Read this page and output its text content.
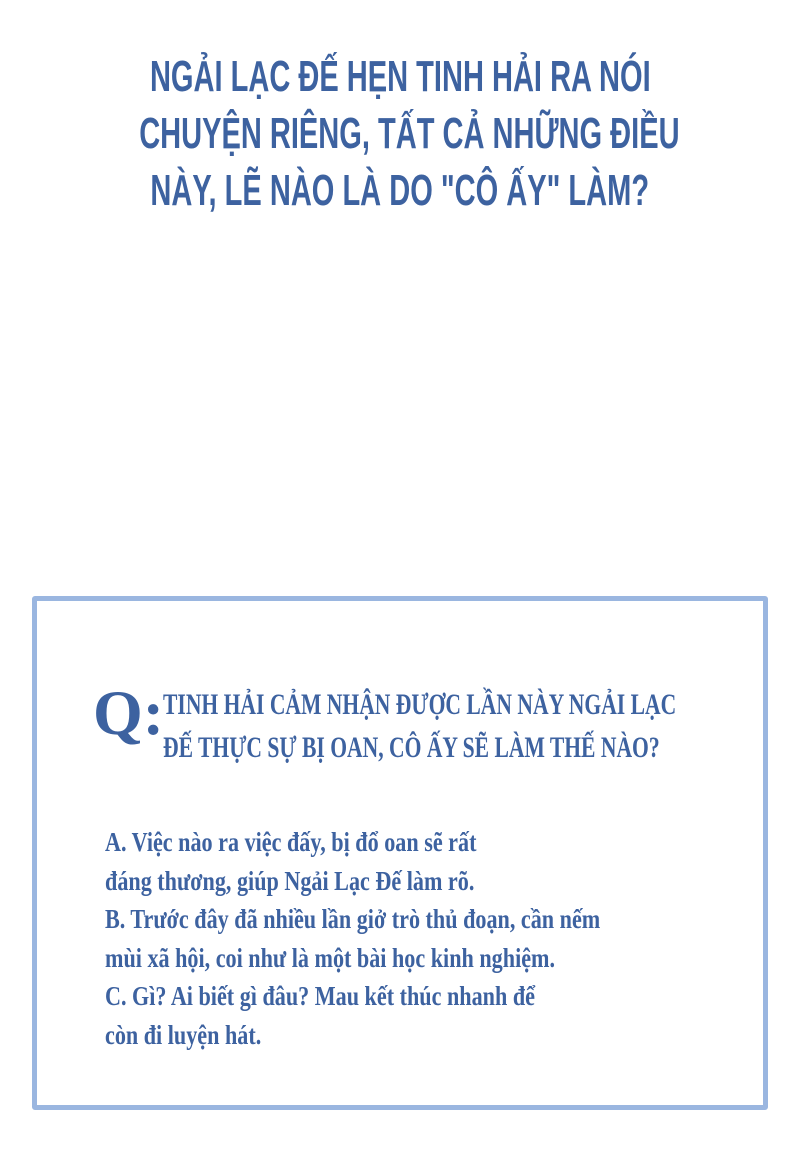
NGẢI LẠC ĐẾ HẸN TINH HẢI RA NÓI
CHUYỆN RIÊNG, TẤT CẢ NHỮNG ĐIỀU
NÀY, LẼ NÀO LÀ DO "CÔ ẤY" LÀM?
Q:
TINH HẢI CẢM NHẬN ĐƯỢC LẦN NÀY NGẢI LẠC
ĐẾ THỰC SỰ BỊ OAN, CÔ ẤY SẼ LÀM THẾ NÀO?
A. Việc nào ra việc đấy, bị đổ oan sẽ rất
đáng thương, giúp Ngải Lạc Đế làm rõ.
B. Trước đây đã nhiều lần giở trò thủ đoạn, cần nếm
mùi xã hội, coi như là một bài học kinh nghiệm.
C. Gì? Ai biết gì đâu? Mau kết thúc nhanh để
còn đi luyện hát.
